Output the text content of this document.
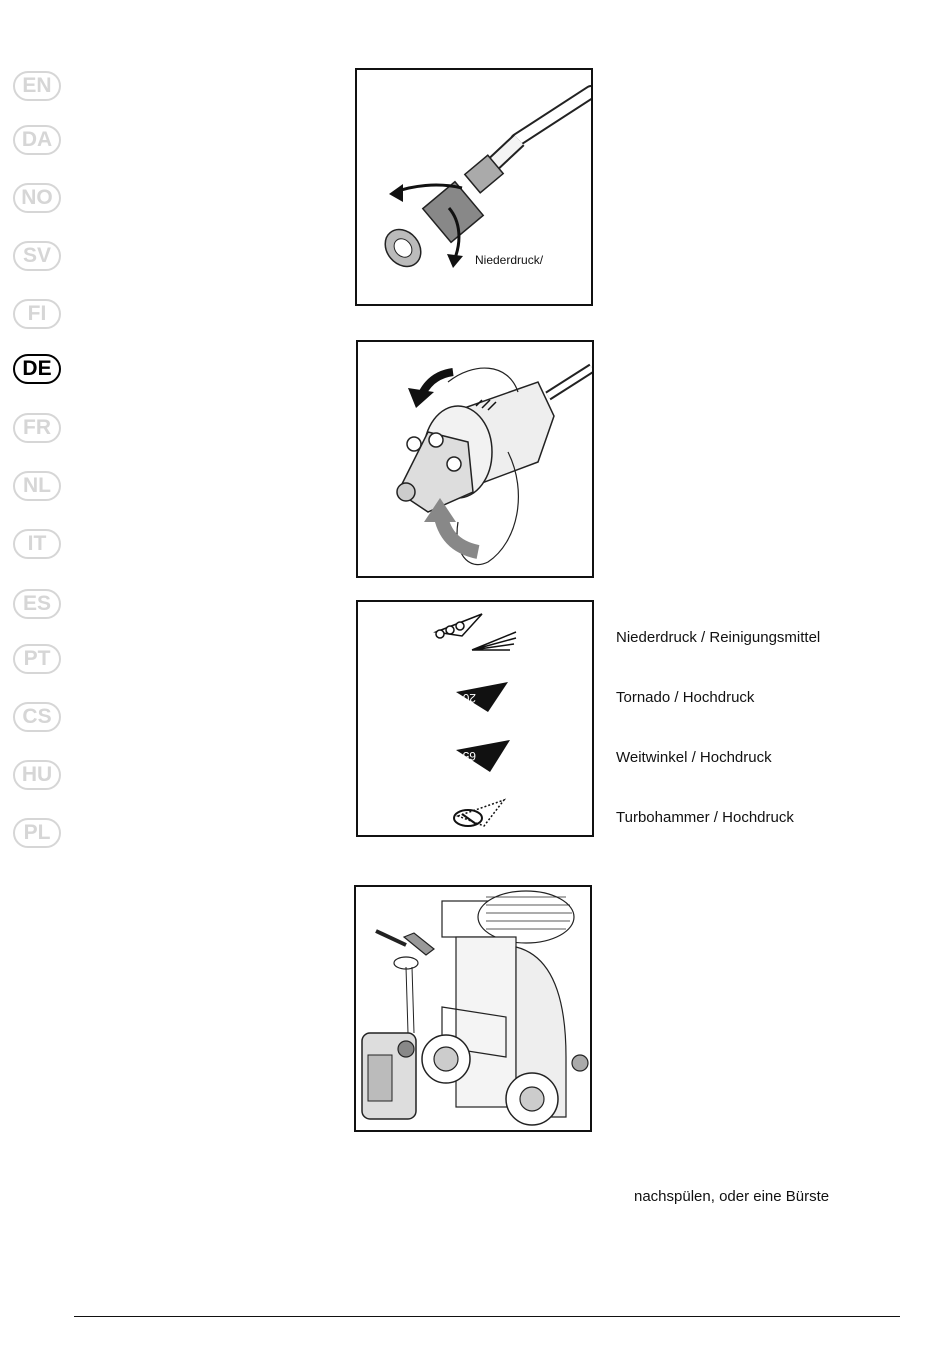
EN
DA
NO
SV
FI
DE
FR
NL
IT
ES
PT
CS
HU
PL
Niederdruck/
20°
65°
Niederdruck / Reinigungsmittel
Tornado / Hochdruck
Weitwinkel / Hochdruck
Turbohammer / Hochdruck
nachspülen, oder eine Bürste
